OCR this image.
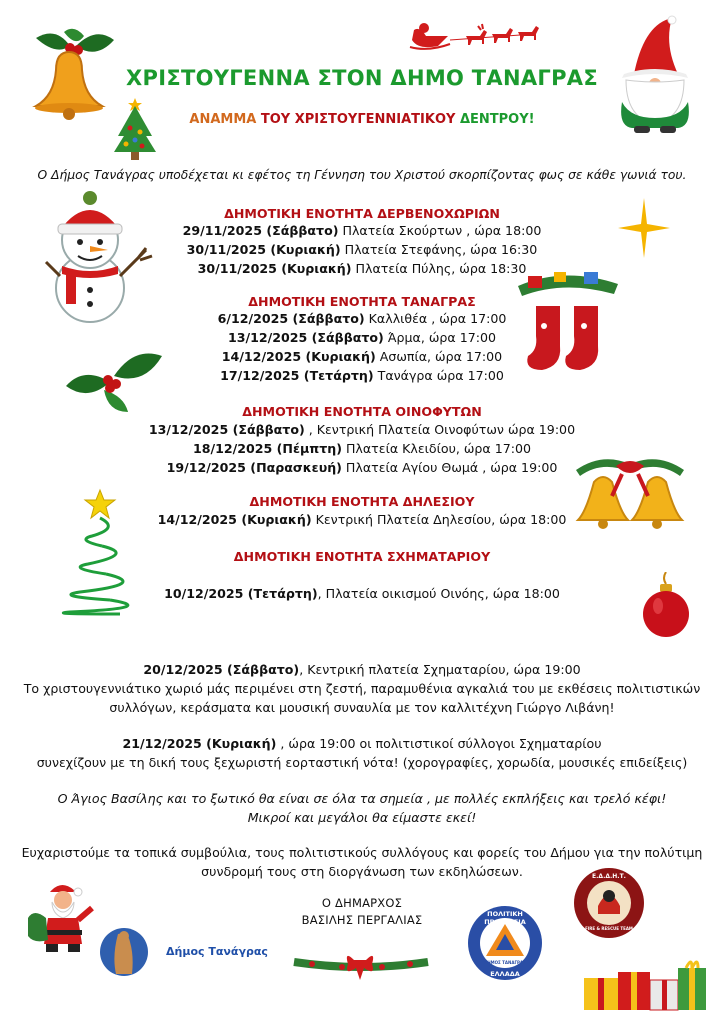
ΧΡΙΣΤΟΥΓΕΝΝΑ ΣΤΟΝ ΔΗΜΟ ΤΑΝΑΓΡΑΣ
ΑΝΑΜΜΑ ΤΟΥ ΧΡΙΣΤΟΥΓΕΝΝΙΑΤΙΚΟΥ ΔΕΝΤΡΟΥ!
Ο Δήμος Τανάγρας υποδέχεται κι εφέτος τη Γέννηση του Χριστού σκορπίζοντας φως σε κάθε γωνιά του.
ΔΗΜΟΤΙΚΗ ΕΝΟΤΗΤΑ ΔΕΡΒΕΝΟΧΩΡΙΩΝ
29/11/2025 (Σάββατο) Πλατεία Σκούρτων , ώρα 18:00
30/11/2025 (Κυριακή) Πλατεία Στεφάνης, ώρα 16:30
30/11/2025 (Κυριακή) Πλατεία Πύλης, ώρα 18:30
ΔΗΜΟΤΙΚΗ ΕΝΟΤΗΤΑ ΤΑΝΑΓΡΑΣ
6/12/2025 (Σάββατο) Καλλιθέα , ώρα 17:00
13/12/2025 (Σάββατο) Άρμα, ώρα 17:00
14/12/2025 (Κυριακή) Ασωπία, ώρα 17:00
17/12/2025 (Τετάρτη) Τανάγρα ώρα 17:00
ΔΗΜΟΤΙΚΗ ΕΝΟΤΗΤΑ ΟΙΝΟΦΥΤΩΝ
13/12/2025 (Σάββατο) , Κεντρική Πλατεία Οινοφύτων ώρα 19:00
18/12/2025 (Πέμπτη) Πλατεία Κλειδίου, ώρα 17:00
19/12/2025 (Παρασκευή) Πλατεία Αγίου Θωμά , ώρα 19:00
ΔΗΜΟΤΙΚΗ ΕΝΟΤΗΤΑ ΔΗΛΕΣΙΟΥ
14/12/2025 (Κυριακή) Κεντρική Πλατεία Δηλεσίου, ώρα 18:00
ΔΗΜΟΤΙΚΗ ΕΝΟΤΗΤΑ ΣΧΗΜΑΤΑΡΙΟΥ
10/12/2025 (Τετάρτη), Πλατεία οικισμού Οινόης, ώρα 18:00
20/12/2025 (Σάββατο), Κεντρική πλατεία Σχηματαρίου, ώρα 19:00
Το χριστουγεννιάτικο χωριό μάς περιμένει στη ζεστή, παραμυθένια αγκαλιά του με εκθέσεις πολιτιστικών
συλλόγων, κεράσματα και μουσική συναυλία με τον καλλιτέχνη Γιώργο Λιβάνη!
21/12/2025 (Κυριακή) , ώρα 19:00 οι πολιτιστικοί σύλλογοι Σχηματαρίου
συνεχίζουν με τη δική τους ξεχωριστή εορταστική νότα! (χορογραφίες, χορωδία, μουσικές επιδείξεις)
Ο Άγιος Βασίλης και το ξωτικό θα είναι σε όλα τα σημεία , με πολλές εκπλήξεις και τρελό κέφι!
Μικροί και μεγάλοι θα είμαστε εκεί!
Ευχαριστούμε τα τοπικά συμβούλια, τους πολιτιστικούς συλλόγους και φορείς του Δήμου για την πολύτιμη
συνδρομή τους στη διοργάνωση των εκδηλώσεων.
Ο ΔΗΜΑΡΧΟΣ
ΒΑΣΙΛΗΣ ΠΕΡΓΑΛΙΑΣ
Δήμος Τανάγρας
ΠΟΛΙΤΙΚΗ ΠΡΟΣΤΑΣΙΑ
ΔΗΜΟΣ ΤΑΝΑΓΡΑΣ
ΕΛΛΑΔΑ
Ε.Δ.Δ.Η.Τ.
FIRE & RESCUE TEAM
